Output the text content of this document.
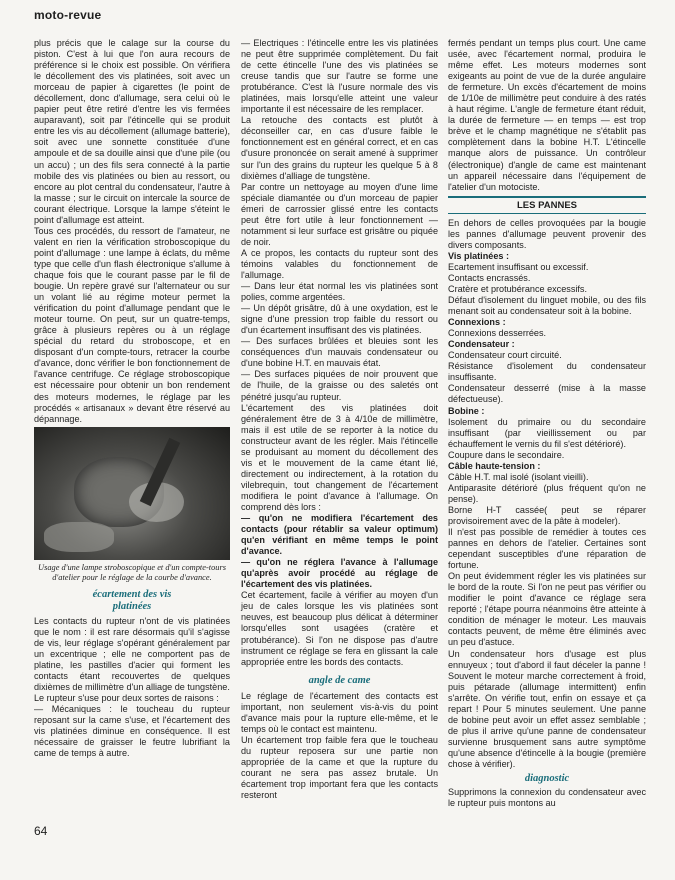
moto-revue

plus précis que le calage sur la course du piston. C'est à lui que l'on aura recours de préférence si le choix est possible. On vérifiera le décollement des vis platinées, soit avec un morceau de papier à cigarettes (le point de décollement, donc d'allumage, sera celui où le papier peut être retiré d'entre les vis fermées auparavant), soit par l'étincelle qui se produit entre les vis au décollement (allumage batterie), soit avec une sonnette constituée d'une ampoule et de sa douille ainsi que d'une pile (ou un accu) ; un des fils sera connecté à la partie mobile des vis platinées ou bien au ressort, ou encore au plot central du condensateur, l'autre à la masse ; sur le circuit on intercale la source de courant électrique. Lorsque la lampe s'éteint le point d'allumage est atteint.

Tous ces procédés, du ressort de l'amateur, ne valent en rien la vérification stroboscopique du point d'allumage : une lampe à éclats, du même type que celle d'un flash électronique s'allume à chaque fois que le courant passe par le fil de bougie. Un repère gravé sur l'alternateur ou sur un volant lié au régime moteur permet la vérification du point d'allumage pendant que le moteur tourne. On peut, sur un quatre-temps, grâce à plusieurs repères ou à un réglage spécial du retard du stroboscope, et en disposant d'un compte-tours, retracer la courbe d'avance, donc vérifier le bon fonctionnement de l'avance centrifuge. Ce réglage stroboscopique est nécessaire pour obtenir un bon rendement des moteurs modernes, le réglage par les procédés « artisanaux » devant être réservé au dépannage.

Usage d'une lampe stroboscopique et d'un compte-tours d'atelier pour le réglage de la courbe d'avance.
écartement des vis platinées

Les contacts du rupteur n'ont de vis platinées que le nom : il est rare désormais qu'il s'agisse de vis, leur réglage s'opérant généralement par un excentrique ; elle ne comportent pas de platine, les pastilles d'acier qui forment les contacts étant recouvertes de quelques dixièmes de millimètre d'un alliage de tungstène.

Le rupteur s'use pour deux sortes de raisons :

— Mécaniques : le toucheau du rupteur reposant sur la came s'use, et l'écartement des vis platinées diminue en conséquence. Il est nécessaire de graisser le feutre lubrifiant la came de temps à autre.

— Electriques : l'étincelle entre les vis platinées ne peut être supprimée complètement. Du fait de cette étincelle l'une des vis platinées se creuse tandis que sur l'autre se forme une protubérance. C'est là l'usure normale des vis platinées, mais lorsqu'elle atteint une valeur importante il est nécessaire de les remplacer.

La retouche des contacts est plutôt à déconseiller car, en cas d'usure faible le fonctionnement est en général correct, et en cas d'usure prononcée on serait amené à supprimer sur l'un des grains du rupteur les quelque 5 à 8 dixièmes d'alliage de tungstène.

Par contre un nettoyage au moyen d'une lime spéciale diamantée ou d'un morceau de papier émeri de carrossier glissé entre les contacts peut être fort utile à leur fonctionnement — notamment si leur surface est grisâtre ou piquée de noir.

A ce propos, les contacts du rupteur sont des témoins valables du fonctionnement de l'allumage.

— Dans leur état normal les vis platinées sont polies, comme argentées.

— Un dépôt grisâtre, dû à une oxydation, est le signe d'une pression trop faible du ressort ou d'un écartement insuffisant des vis platinées.

— Des surfaces brûlées et bleuies sont les conséquences d'un mauvais condensateur ou d'une bobine H.T. en mauvais état.

— Des surfaces piquées de noir prouvent que de l'huile, de la graisse ou des saletés ont pénétré jusqu'au rupteur.

L'écartement des vis platinées doit généralement être de 3 à 4/10e de millimètre, mais il est utile de se reporter à la notice du constructeur avant de les régler. Mais l'étincelle se produisant au moment du décollement des vis et le mouvement de la came étant lié, directement ou indirectement, à la rotation du vilebrequin, tout changement de l'écartement modifiera le point d'avance à l'allumage. On comprend dès lors :

— qu'on ne modifiera l'écartement des contacts (pour rétablir sa valeur optimum) qu'en vérifiant en même temps le point d'avance.

— qu'on ne réglera l'avance à l'allumage qu'après avoir procédé au réglage de l'écartement des vis platinées.

Cet écartement, facile à vérifier au moyen d'un jeu de cales lorsque les vis platinées sont neuves, est beaucoup plus délicat à déterminer lorsqu'elles sont usagées (cratère et protubérance). Si l'on ne dispose pas d'autre instrument ce réglage se fera en glissant la cale appropriée entre les bords des contacts.

angle de came

Le réglage de l'écartement des contacts est important, non seulement vis-à-vis du point d'avance mais pour la rupture elle-même, et le temps où le contact est maintenu.

Un écartement trop faible fera que le toucheau du rupteur reposera sur une partie non appropriée de la came et que la rupture du courant ne sera pas assez brutale. Un écartement trop important fera que les contacts resteront

fermés pendant un temps plus court. Une came usée, avec l'écartement normal, produira le même effet. Les moteurs modernes sont exigeants au point de vue de la durée angulaire de fermeture. Un excès d'écartement de moins de 1/10e de millimètre peut conduire à des ratés à haut régime. L'angle de fermeture étant réduit, la durée de fermeture — en temps — est trop brève et le champ magnétique ne s'établit pas complètement dans la bobine H.T. L'étincelle manque alors de puissance. Un contrôleur (électronique) d'angle de came est maintenant un appareil nécessaire dans l'équipement de l'atelier d'un motociste.

LES PANNES

En dehors de celles provoquées par la bougie les pannes d'allumage peuvent provenir des divers composants.

Vis platinées :

Ecartement insuffisant ou excessif.

Contacts encrassés.

Cratère et protubérance excessifs.

Défaut d'isolement du linguet mobile, ou des fils menant soit au condensateur soit à la bobine.

Connexions :

Connexions desserrées.

Condensateur :

Condensateur court circuité.

Résistance d'isolement du condensateur insuffisante.

Condensateur desserré (mise à la masse défectueuse).

Bobine :

Isolement du primaire ou du secondaire insuffisant (par vieillissement ou par échauffement le vernis du fil s'est détérioré).

Coupure dans le secondaire.

Câble haute-tension :

Câble H.T. mal isolé (isolant vieilli).

Antiparasite détérioré (plus fréquent qu'on ne pense).

Borne H-T cassée( peut se réparer provisoirement avec de la pâte à modeler).

Il n'est pas possible de remédier à toutes ces pannes en dehors de l'atelier. Certaines sont cependant susceptibles d'une réparation de fortune.

On peut évidemment régler les vis platinées sur le bord de la route. Si l'on ne peut pas vérifier ou modifier le point d'avance ce réglage sera reporté ; l'étape pourra néanmoins être atteinte à condition de ménager le moteur. Les mauvais contacts peuvent, de même être éliminés avec un peu d'astuce.

Un condensateur hors d'usage est plus ennuyeux ; tout d'abord il faut déceler la panne ! Souvent le moteur marche correctement à froid, puis pétarade (allumage intermittent) enfin s'arrête. On vérifie tout, enfin on essaye et ça repart ! Pour 5 minutes seulement. Une panne de bobine peut avoir un effet assez semblable ; de plus il arrive qu'une panne de condensateur survienne brusquement sans autre symptôme qu'une absence d'étincelle à la bougie (première chose à vérifier).

diagnostic

Supprimons la connexion du condensateur avec le rupteur puis montons au

64
